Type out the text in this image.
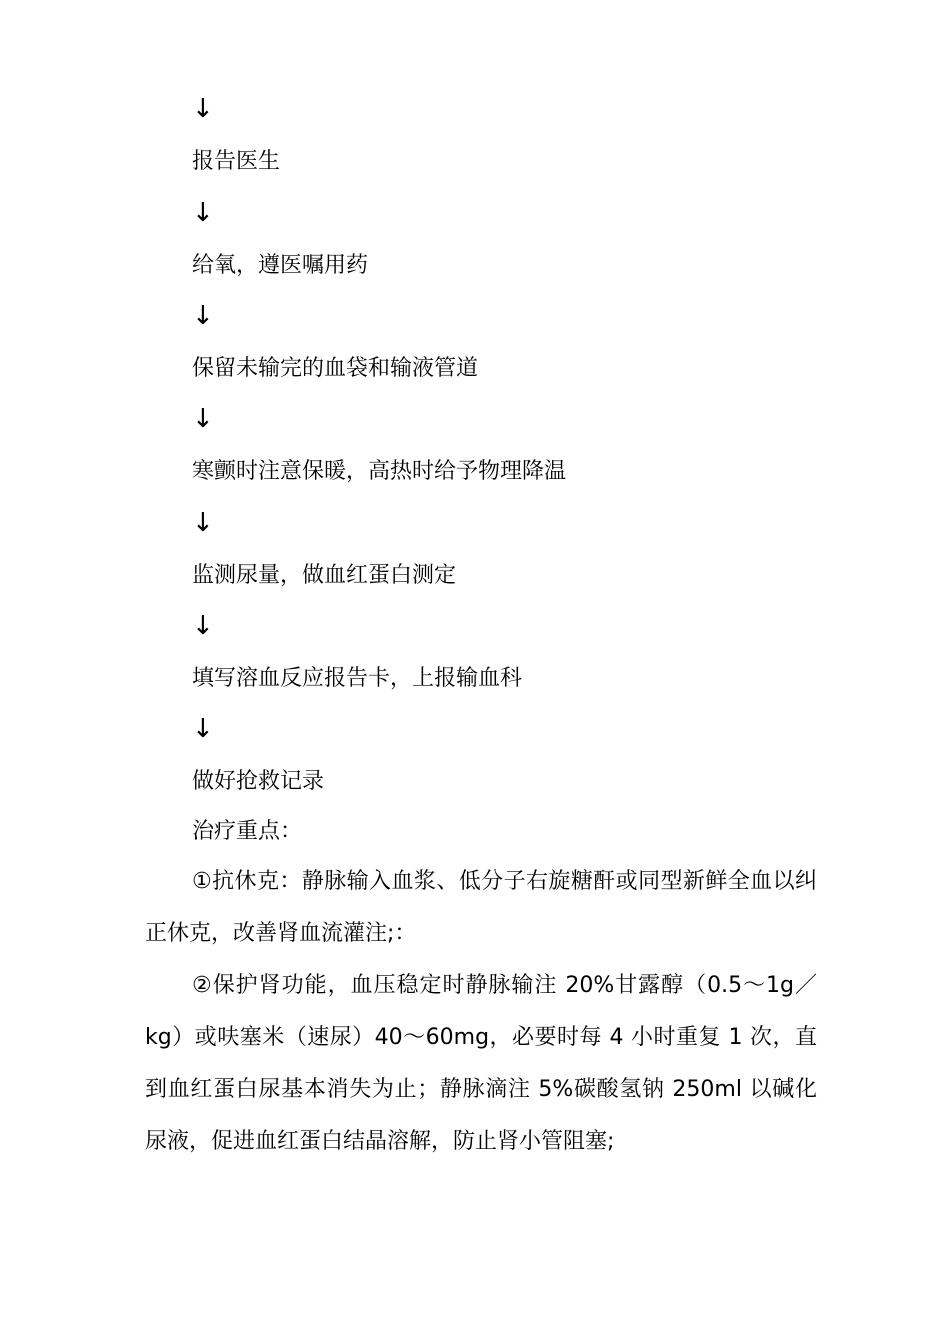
↓
报告医生
↓
给氧，遵医嘱用药
↓
保留未输完的血袋和输液管道
↓
寒颤时注意保暖，高热时给予物理降温
↓
监测尿量，做血红蛋白测定
↓
填写溶血反应报告卡，上报输血科
↓
做好抢救记录
治疗重点：
①抗休克：静脉输入血浆、低分子右旋糖酐或同型新鲜全血以纠正休克，改善肾血流灌注;：
②保护肾功能，血压稳定时静脉输注 20%甘露醇（0.5～1g／kg）或呋塞米（速尿）40～60mg，必要时每 4 小时重复 1 次，直到血红蛋白尿基本消失为止；静脉滴注 5%碳酸氢钠 250ml 以碱化尿液，促进血红蛋白结晶溶解，防止肾小管阻塞;
